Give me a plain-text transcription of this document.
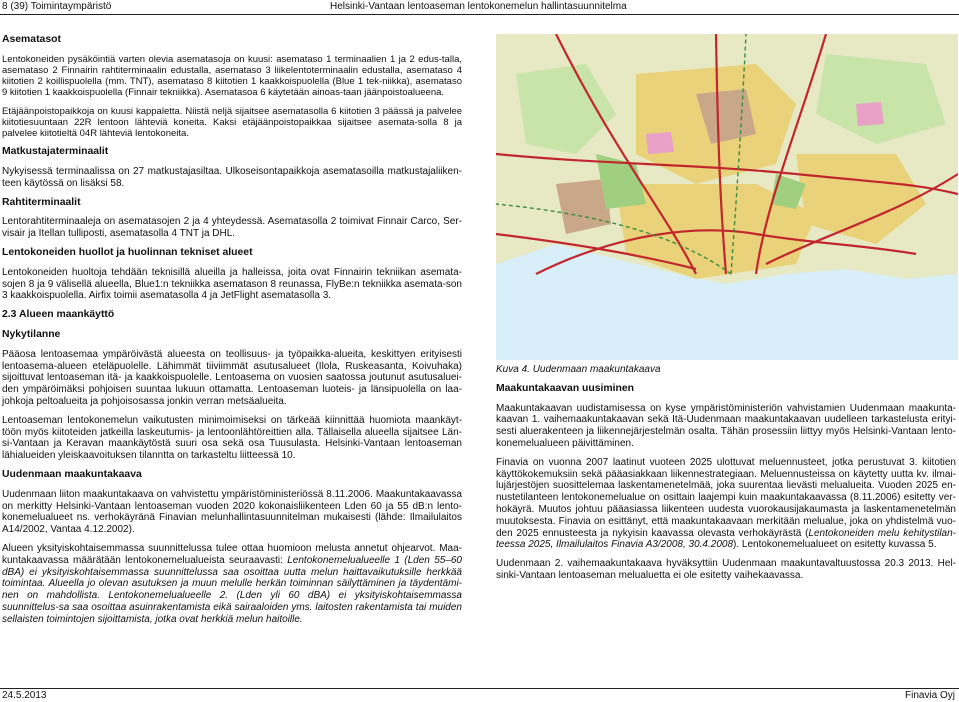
8 (39) Toimintaympäristö	Helsinki-Vantaan lentoaseman lentokonemelun hallintasuunnitelma
Asematasot

Lentokoneiden pysäköintiä varten olevia asematasoja on kuusi: asemataso 1 terminaalien 1 ja 2 edus-talla, asemataso 2 Finnairin rahtiterminaalin edustalla, asemataso 3 liikelentoterminaalin edustalla, asemataso 4 kiitotien 2 koillispuolella (mm. TNT), asemataso 8 kiitotien 1 kaakkoispuolella (Blue 1 tek-niikka), asemataso 9 kiitotien 1 kaakkoispuolella (Finnair tekniikka). Asematasoa 6 käytetään ainoas-taan jäänpoistoalueena.

Etäjäänpoistopaikkoja on kuusi kappaletta. Niistä neljä sijaitsee asematasolla 6 kiitotien 3 päässä ja palvelee kiitotiesuuntaan 22R lentoon lähteviä koneita. Kaksi etäjäänpoistopaikkaa sijaitsee asemata-solla 8 ja palvelee kiitotieltä 04R lähteviä lentokoneita.

Matkustajaterminaalit

Nykyisessä terminaalissa on 27 matkustajasiltaa. Ulkoseisontapaikkoja asematasoilla matkustajaliiken-teen käytössä on lisäksi 58.

Rahtiterminaalit

Lentorahtiterminaaleja on asematasojen 2 ja 4 yhteydessä. Asematasolla 2 toimivat Finnair Carco, Ser-visair ja Itellan tulliposti, asematasolla 4 TNT ja DHL.

Lentokoneiden huollot ja huolinnan tekniset alueet

Lentokoneiden huoltoja tehdään teknisillä alueilla ja halleissa, joita ovat Finnairin tekniikan asemata-sojen 8 ja 9 välisellä alueella, Blue1:n tekniikka asematason 8 reunassa, FlyBe:n tekniikka asemata-son 3 kaakkoispuolella. Airfix toimii asematasolla 4 ja JetFlight asematasolla 3.

2.3 Alueen maankäyttö
Nykytilanne

Pääosa lentoasemaa ympäröivästä alueesta on teollisuus- ja työpaikka-alueita, keskittyen erityisesti lentoasema-alueen eteläpuolelle. Lähimmät tiiviimmät asutusalueet (Ilola, Ruskeasanta, Koivuhaka) sijoittuvat lentoaseman itä- ja kaakkoispuolelle. Lentoasema on vuosien saatossa joutunut asutusaluei-den ympäröimäksi pohjoisen suuntaa lukuun ottamatta. Lentoaseman luoteis- ja länsipuolella on laa-johkoja peltoalueita ja pohjoisosassa jonkin verran metsäalueita.

Lentoaseman lentokonemelun vaikutusten minimoimiseksi on tärkeää kiinnittää huomiota maankäyt-töön myös kiitoteiden jatkeilla laskeutumis- ja lentoonlähtöreittien alla. Tällaisella alueella sijaitsee Län-si-Vantaan ja Keravan maankäytöstä suuri osa sekä osa Tuusulasta. Helsinki-Vantaan lentoaseman lähialueiden yleiskaavoituksen tilanntta on tarkasteltu liitteessä 10.

Uudenmaan maakuntakaava

Uudenmaan liiton maakuntakaava on vahvistettu ympäristöministeriössä 8.11.2006. Maakuntakaavassa on merkitty Helsinki-Vantaan lentoaseman vuoden 2020 kokonaisliikenteen Lden 60 ja 55 dB:n lento-konemelualueet ns. verhokäyränä Finavian melunhallintasuunnitelman mukaisesti (lähde: Ilmailulaitos A14/2002, Vantaa 4.12.2002).

Alueen yksityiskohtaisemmassa suunnittelussa tulee ottaa huomioon melusta annetut ohjearvot. Maa-kuntakaavassa määrätään lentokonemelualueista seuraavasti: Lentokonemelualueelle 1 (Lden 55–60 dBA) ei yksityiskohtaisemmassa suunnittelussa saa osoittaa uutta melun haittavaikutuksille herkkää toimintaa. Alueella jo olevan asutuksen ja muun melulle herkän toiminnan säilyttäminen ja täydentämi-nen on mahdollista. Lentokonemelualueelle 2. (Lden yli 60 dBA) ei yksityiskohtaisemmassa suunnittelus-sa saa osoittaa asuinrakentamista eikä sairaaloiden yms. laitosten rakentamista tai muiden sellaisten toimintojen sijoittamista, jotka ovat herkkiä melun haitoille.

Kuva 4. Uudenmaan maakuntakaava

Maakuntakaavan uusiminen

Maakuntakaavan uudistamisessa on kyse ympäristöministeriön vahvistamien Uudenmaan maakunta-kaavan 1. vaihemaakuntakaavan sekä Itä-Uudenmaan maakuntakaavan uudelleen tarkastelusta erityi-sesti aluerakenteen ja liikennejärjestelmän osalta. Tähän prosessiin liittyy myös Helsinki-Vantaan lento-konemelualueen päivittäminen.

Finavia on vuonna 2007 laatinut vuoteen 2025 ulottuvat meluennusteet, jotka perustuvat 3. kiitotien käyttökokemuksiin sekä pääasiakkaan liikennestrategiaan. Meluennusteissa on käytetty uutta kv. ilmai-lujärjestöjen suosittelemaa laskentamenetelmää, joka suurentaa lievästi melualueita. Vuoden 2025 en-nustetilanteen lentokonemelualue on osittain laajempi kuin maakuntakaavassa (8.11.2006) esitetty ver-hokäyrä. Muutos johtuu pääasiassa liikenteen uudesta vuorokausijakaumasta ja laskentamenetelmän muutoksesta. Finavia on esittänyt, että maakuntakaavaan merkitään melualue, joka on yhdistelmä vuo-den 2025 ennusteesta ja nykyisin kaavassa olevasta verhokäyrästä (Lentokoneiden melu kehitystilan-teessa 2025, Ilmailulaitos Finavia A3/2008, 30.4.2008). Lentokonemelualueet on esitetty kuvassa 5.

Uudenmaan 2. vaihemaakuntakaava hyväksyttiin Uudenmaan maakuntavaltuustossa 20.3 2013. Hel-sinki-Vantaan lentoaseman melualuetta ei ole esitetty vaihekaavassa.

24.5.2013	Finavia Oyj
